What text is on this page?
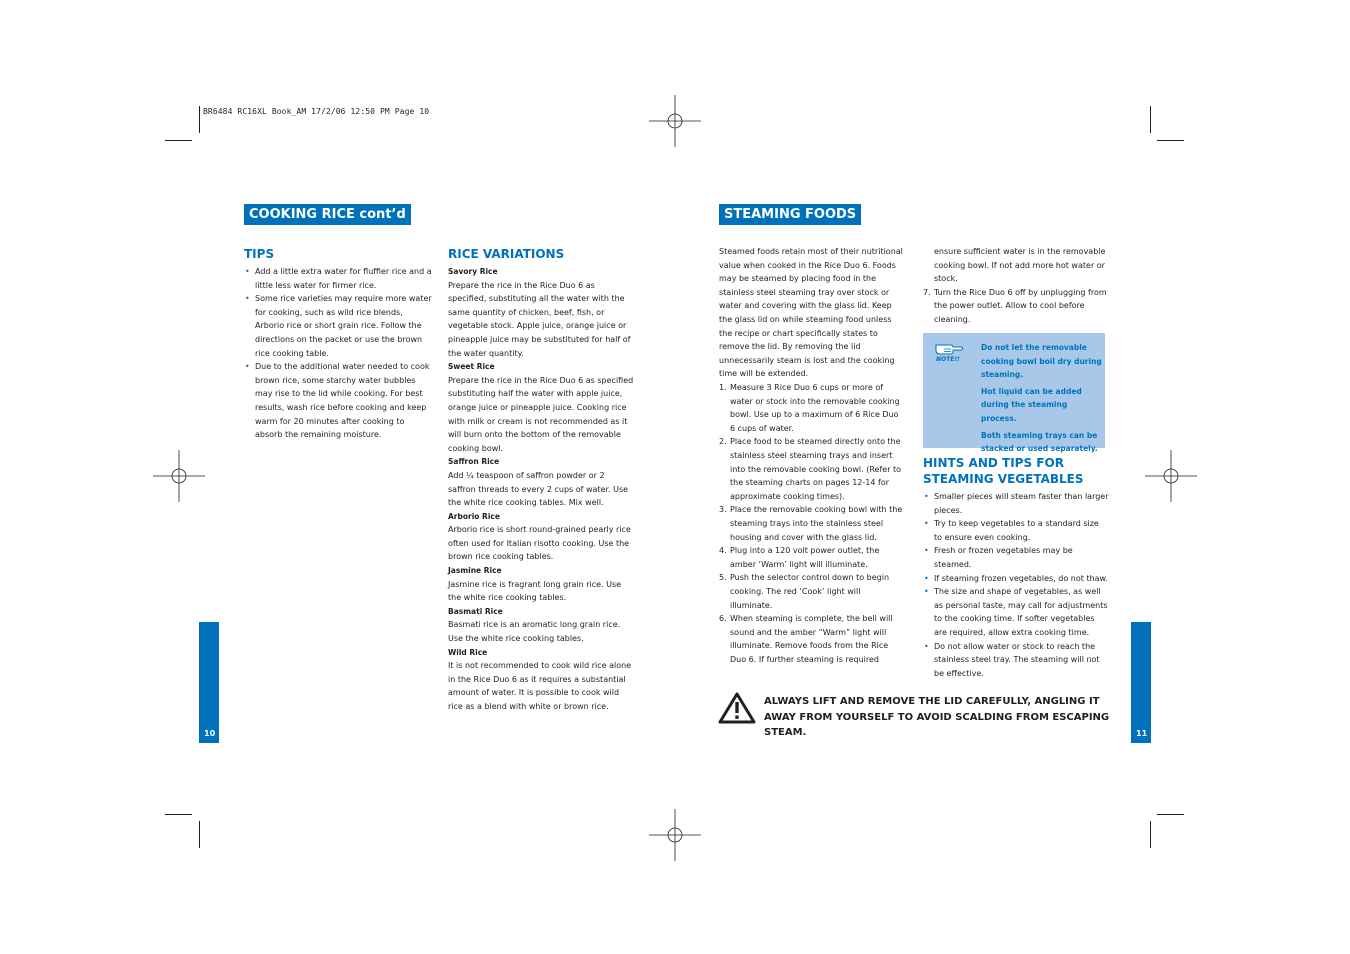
BR6484 RC16XL Book_AM 17/2/06 12:50 PM Page 10
COOKING RICE cont’d
TIPS
• Add a little extra water for fluffier rice and a little less water for firmer rice.
• Some rice varieties may require more water for cooking, such as wild rice blends, Arborio rice or short grain rice. Follow the directions on the packet or use the brown rice cooking table.
• Due to the additional water needed to cook brown rice, some starchy water bubbles may rise to the lid while cooking. For best results, wash rice before cooking and keep warm for 20 minutes after cooking to absorb the remaining moisture.
RICE VARIATIONS
Savory Rice
Prepare the rice in the Rice Duo 6 as specified, substituting all the water with the same quantity of chicken, beef, fish, or vegetable stock. Apple juice, orange juice or pineapple juice may be substituted for half of the water quantity.
Sweet Rice
Prepare the rice in the Rice Duo 6 as specified substituting half the water with apple juice, orange juice or pineapple juice. Cooking rice with milk or cream is not recommended as it will burn onto the bottom of the removable cooking bowl.
Saffron Rice
Add ¼ teaspoon of saffron powder or 2 saffron threads to every 2 cups of water. Use the white rice cooking tables. Mix well.
Arborio Rice
Arborio rice is short round-grained pearly rice often used for Italian risotto cooking. Use the brown rice cooking tables.
Jasmine Rice
Jasmine rice is fragrant long grain rice. Use the white rice cooking tables.
Basmati Rice
Basmati rice is an aromatic long grain rice. Use the white rice cooking tables.
Wild Rice
It is not recommended to cook wild rice alone in the Rice Duo 6 as it requires a substantial amount of water. It is possible to cook wild rice as a blend with white or brown rice.
10
STEAMING FOODS
Steamed foods retain most of their nutritional value when cooked in the Rice Duo 6. Foods may be steamed by placing food in the stainless steel steaming tray over stock or water and covering with the glass lid. Keep the glass lid on while steaming food unless the recipe or chart specifically states to remove the lid. By removing the lid unnecessarily steam is lost and the cooking time will be extended.
1. Measure 3 Rice Duo 6 cups or more of water or stock into the removable cooking bowl. Use up to a maximum of 6 Rice Duo 6 cups of water.
2. Place food to be steamed directly onto the stainless steel steaming trays and insert into the removable cooking bowl. (Refer to the steaming charts on pages 12-14 for approximate cooking times).
3. Place the removable cooking bowl with the steaming trays into the stainless steel housing and cover with the glass lid.
4. Plug into a 120 volt power outlet, the amber ‘Warm’ light will illuminate.
5. Push the selector control down to begin cooking. The red ‘Cook’ light will illuminate.
6. When steaming is complete, the bell will sound and the amber “Warm” light will illuminate. Remove foods from the Rice Duo 6. If further steaming is required
ensure sufficient water is in the removable cooking bowl. If not add more hot water or stock.
7. Turn the Rice Duo 6 off by unplugging from the power outlet. Allow to cool before cleaning.
NOTE!!

Do not let the removable cooking bowl boil dry during steaming.

Hot liquid can be added during the steaming process.

Both steaming trays can be stacked or used separately.

HINTS AND TIPS FOR
STEAMING VEGETABLES
• Smaller pieces will steam faster than larger pieces.
• Try to keep vegetables to a standard size to ensure even cooking.
• Fresh or frozen vegetables may be steamed.
• If steaming frozen vegetables, do not thaw.
• The size and shape of vegetables, as well as personal taste, may call for adjustments to the cooking time. If softer vegetables are required, allow extra cooking time.
• Do not allow water or stock to reach the stainless steel tray. The steaming will not be effective.
ALWAYS LIFT AND REMOVE THE LID CAREFULLY, ANGLING IT AWAY FROM YOURSELF TO AVOID SCALDING FROM ESCAPING STEAM.	11
